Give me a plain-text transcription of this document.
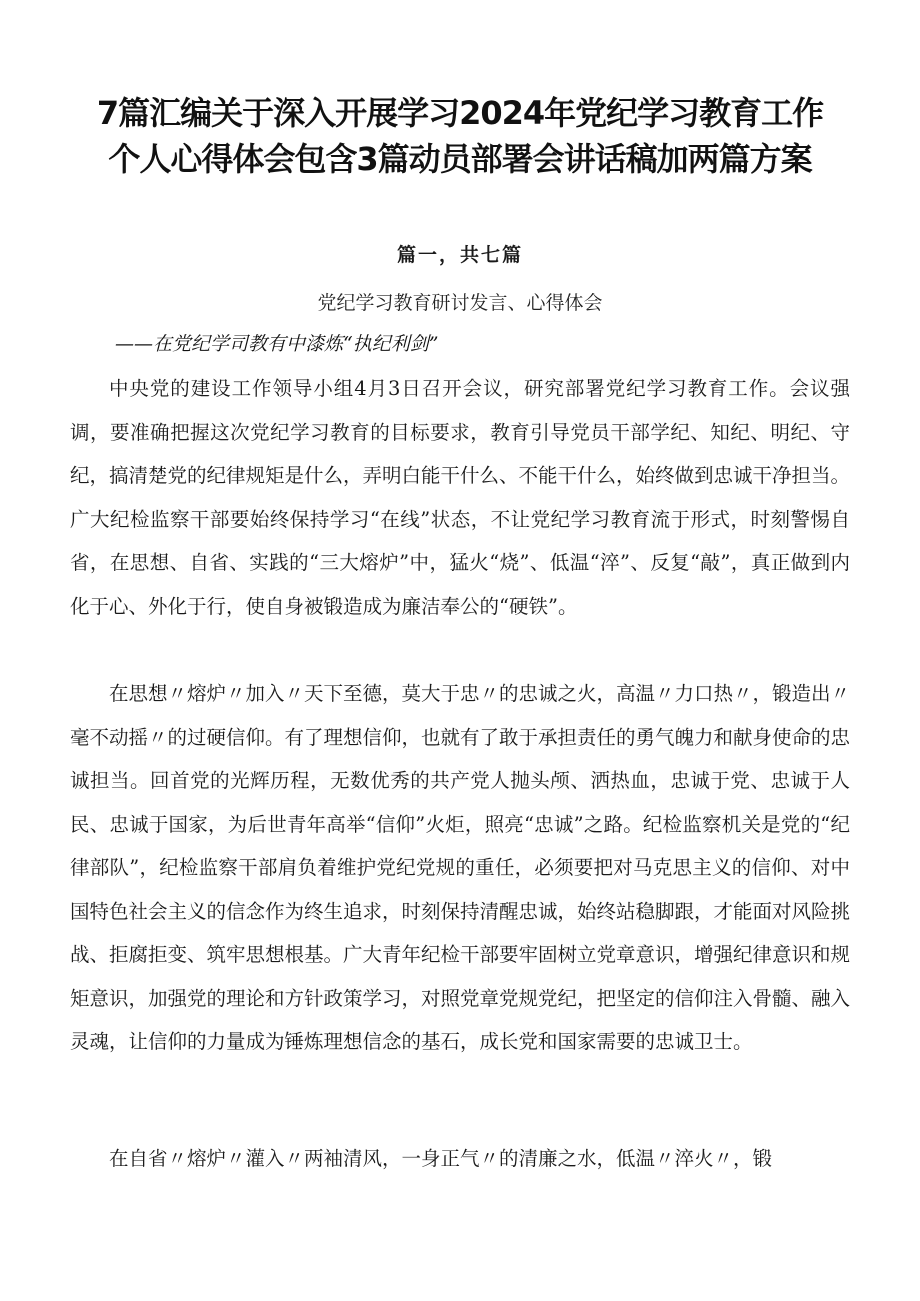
7篇汇编关于深入开展学习2024年党纪学习教育工作
个人心得体会包含3篇动员部署会讲话稿加两篇方案
篇一，共七篇
党纪学习教育研讨发言、心得体会
——在党纪学司教有中漆炼“执纪利剑”

中央党的建设工作领导小组4月3日召开会议，研究部署党纪学习教育工作。会议强调，要准确把握这次党纪学习教育的目标要求，教育引导党员干部学纪、知纪、明纪、守纪，搞清楚党的纪律规矩是什么，弄明白能干什么、不能干什么，始终做到忠诚干净担当。广大纪检监察干部要始终保持学习“在线”状态，不让党纪学习教育流于形式，时刻警惕自省，在思想、自省、实践的“三大熔炉”中，猛火“烧”、低温“淬”、反复“敲”，真正做到内化于心、外化于行，使自身被锻造成为廉洁奉公的“硬铁”。

在思想〃熔炉〃加入〃天下至德，莫大于忠〃的忠诚之火，高温〃力口热〃，锻造出〃毫不动摇〃的过硬信仰。有了理想信仰，也就有了敢于承担责任的勇气魄力和献身使命的忠诚担当。回首党的光辉历程，无数优秀的共产党人抛头颅、洒热血，忠诚于党、忠诚于人民、忠诚于国家，为后世青年高举“信仰”火炬，照亮“忠诚”之路。纪检监察机关是党的“纪律部队”，纪检监察干部肩负着维护党纪党规的重任，必须要把对马克思主义的信仰、对中国特色社会主义的信念作为终生追求，时刻保持清醒忠诚，始终站稳脚跟，才能面对风险挑战、拒腐拒变、筑牢思想根基。广大青年纪检干部要牢固树立党章意识，增强纪律意识和规矩意识，加强党的理论和方针政策学习，对照党章党规党纪，把坚定的信仰注入骨髓、融入灵魂，让信仰的力量成为锤炼理想信念的基石，成长党和国家需要的忠诚卫士。

在自省〃熔炉〃灌入〃两袖清风，一身正气〃的清廉之水，低温〃淬火〃，锻
